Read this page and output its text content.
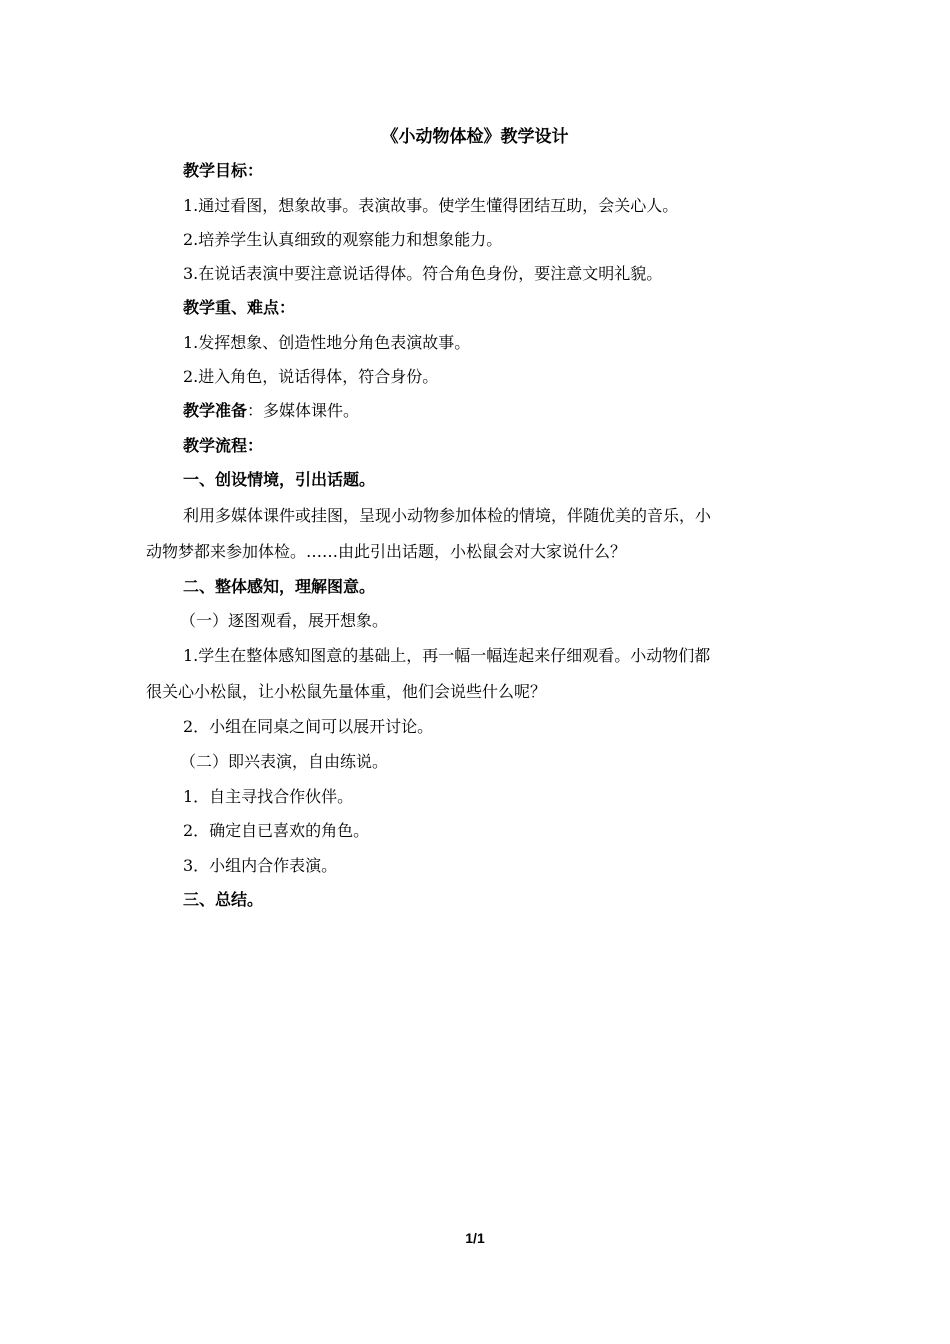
《小动物体检》教学设计
教学目标：
1.通过看图，想象故事。表演故事。使学生懂得团结互助，会关心人。
2.培养学生认真细致的观察能力和想象能力。
3.在说话表演中要注意说话得体。符合角色身份，要注意文明礼貌。
教学重、难点：
1.发挥想象、创造性地分角色表演故事。
2.进入角色，说话得体，符合身份。
教学准备：多媒体课件。
教学流程：
一、创设情境，引出话题。
利用多媒体课件或挂图，呈现小动物参加体检的情境，伴随优美的音乐，小
动物梦都来参加体检。……由此引出话题，小松鼠会对大家说什么？
二、整体感知，理解图意。
（一）逐图观看，展开想象。
1.学生在整体感知图意的基础上，再一幅一幅连起来仔细观看。小动物们都
很关心小松鼠，让小松鼠先量体重，他们会说些什么呢？
2．小组在同桌之间可以展开讨论。
（二）即兴表演，自由练说。
1．自主寻找合作伙伴。
2．确定自已喜欢的角色。
3．小组内合作表演。
三、总结。
1/1
